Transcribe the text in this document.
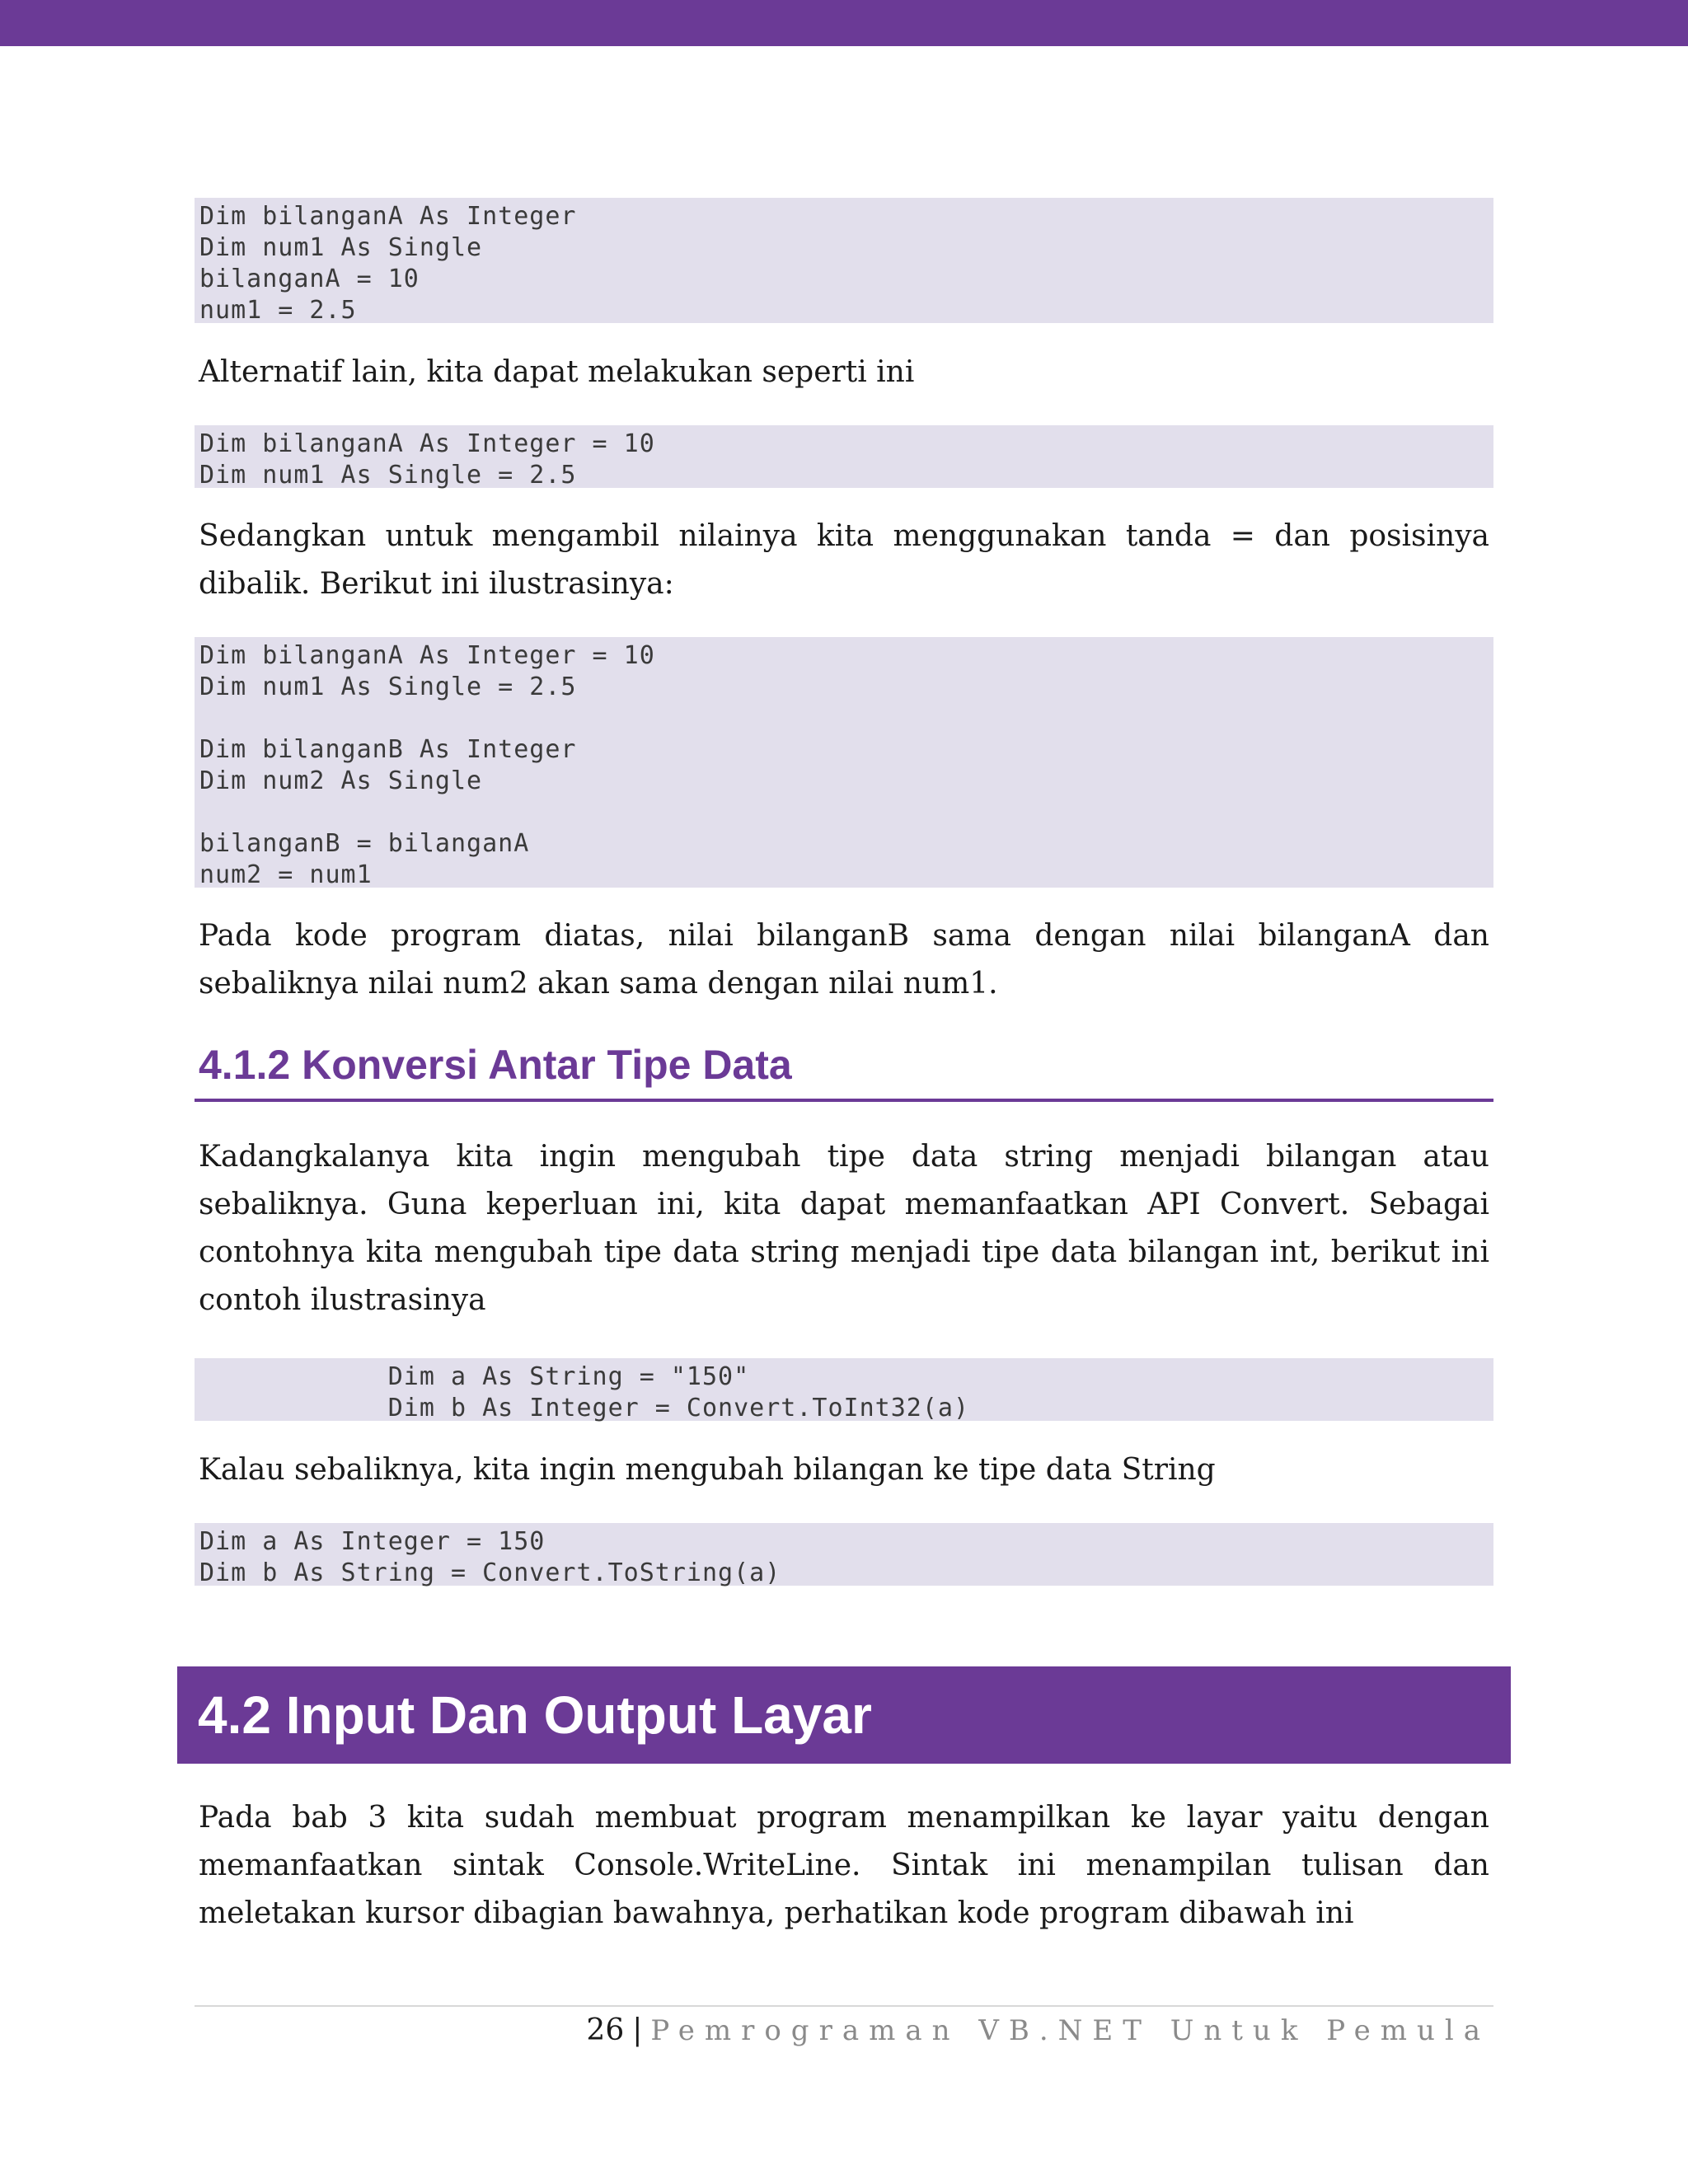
Dim bilanganA As Integer
Dim num1 As Single
bilanganA = 10
num1 = 2.5

Alternatif lain, kita dapat melakukan seperti ini

Dim bilanganA As Integer = 10
Dim num1 As Single = 2.5

Sedangkan untuk mengambil nilainya kita menggunakan tanda = dan posisinya dibalik. Berikut ini ilustrasinya:

Dim bilanganA As Integer = 10
Dim num1 As Single = 2.5
Dim bilanganB As Integer
Dim num2 As Single
bilanganB = bilanganA
num2 = num1

Pada kode program diatas, nilai bilanganB sama dengan nilai bilanganA dan sebaliknya nilai num2 akan sama dengan nilai num1.

4.1.2 Konversi Antar Tipe Data

Kadangkalanya kita ingin mengubah tipe data string menjadi bilangan atau sebaliknya. Guna keperluan ini, kita dapat memanfaatkan API Convert. Sebagai contohnya kita mengubah tipe data string menjadi tipe data bilangan int, berikut ini contoh ilustrasinya

Dim a As String = "150"
Dim b As Integer = Convert.ToInt32(a)

Kalau sebaliknya, kita ingin mengubah bilangan ke tipe data String

Dim a As Integer = 150
Dim b As String = Convert.ToString(a)
4.2 Input Dan Output Layar

Pada bab 3 kita sudah membuat program menampilkan ke layar yaitu dengan memanfaatkan sintak Console.WriteLine. Sintak ini menampilan tulisan dan meletakan kursor dibagian bawahnya, perhatikan kode program dibawah ini

26 | Pemrograman VB.NET Untuk Pemula
